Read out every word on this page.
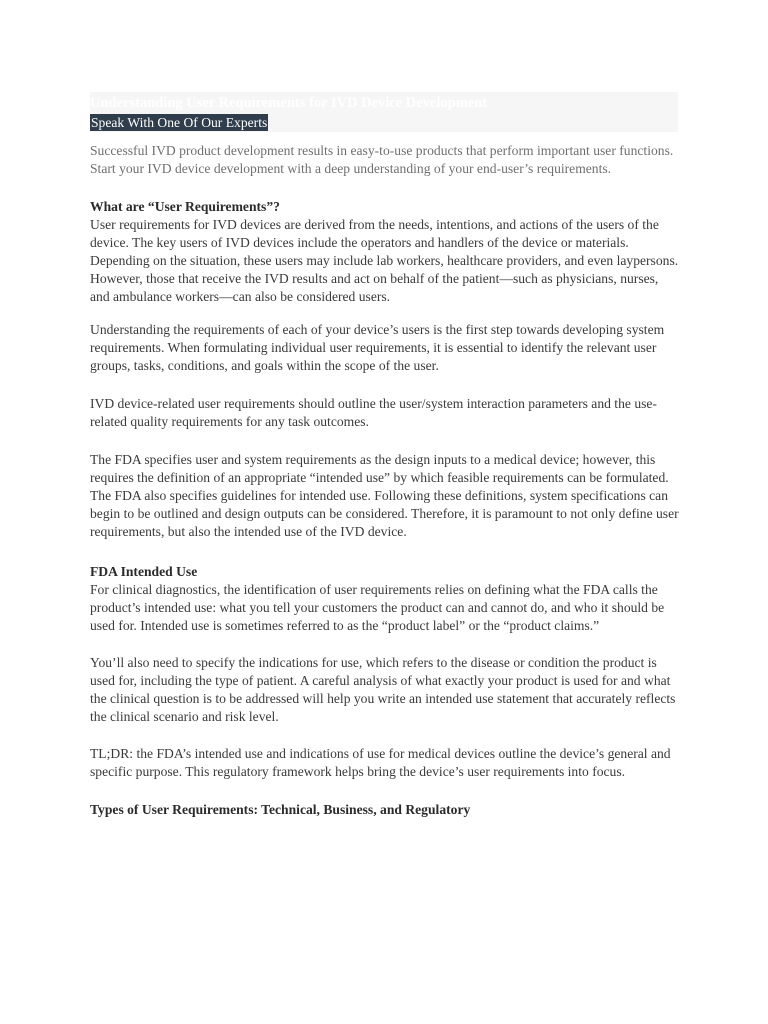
Understanding User Requirements for IVD Device Development
Speak With One Of Our Experts

Successful IVD product development results in easy-to-use products that perform important user functions. Start your IVD device development with a deep understanding of your end-user’s requirements.

What are “User Requirements”?

User requirements for IVD devices are derived from the needs, intentions, and actions of the users of the device. The key users of IVD devices include the operators and handlers of the device or materials. Depending on the situation, these users may include lab workers, healthcare providers, and even laypersons. However, those that receive the IVD results and act on behalf of the patient—such as physicians, nurses, and ambulance workers—can also be considered users.

Understanding the requirements of each of your device’s users is the first step towards developing system requirements. When formulating individual user requirements, it is essential to identify the relevant user groups, tasks, conditions, and goals within the scope of the user.

IVD device-related user requirements should outline the user/system interaction parameters and the use-related quality requirements for any task outcomes.

The FDA specifies user and system requirements as the design inputs to a medical device; however, this requires the definition of an appropriate “intended use” by which feasible requirements can be formulated. The FDA also specifies guidelines for intended use. Following these definitions, system specifications can begin to be outlined and design outputs can be considered. Therefore, it is paramount to not only define user requirements, but also the intended use of the IVD device.

FDA Intended Use

For clinical diagnostics, the identification of user requirements relies on defining what the FDA calls the product’s intended use: what you tell your customers the product can and cannot do, and who it should be used for. Intended use is sometimes referred to as the “product label” or the “product claims.”

You’ll also need to specify the indications for use, which refers to the disease or condition the product is used for, including the type of patient. A careful analysis of what exactly your product is used for and what the clinical question is to be addressed will help you write an intended use statement that accurately reflects the clinical scenario and risk level.

TL;DR: the FDA’s intended use and indications of use for medical devices outline the device’s general and specific purpose. This regulatory framework helps bring the device’s user requirements into focus.

Types of User Requirements: Technical, Business, and Regulatory
